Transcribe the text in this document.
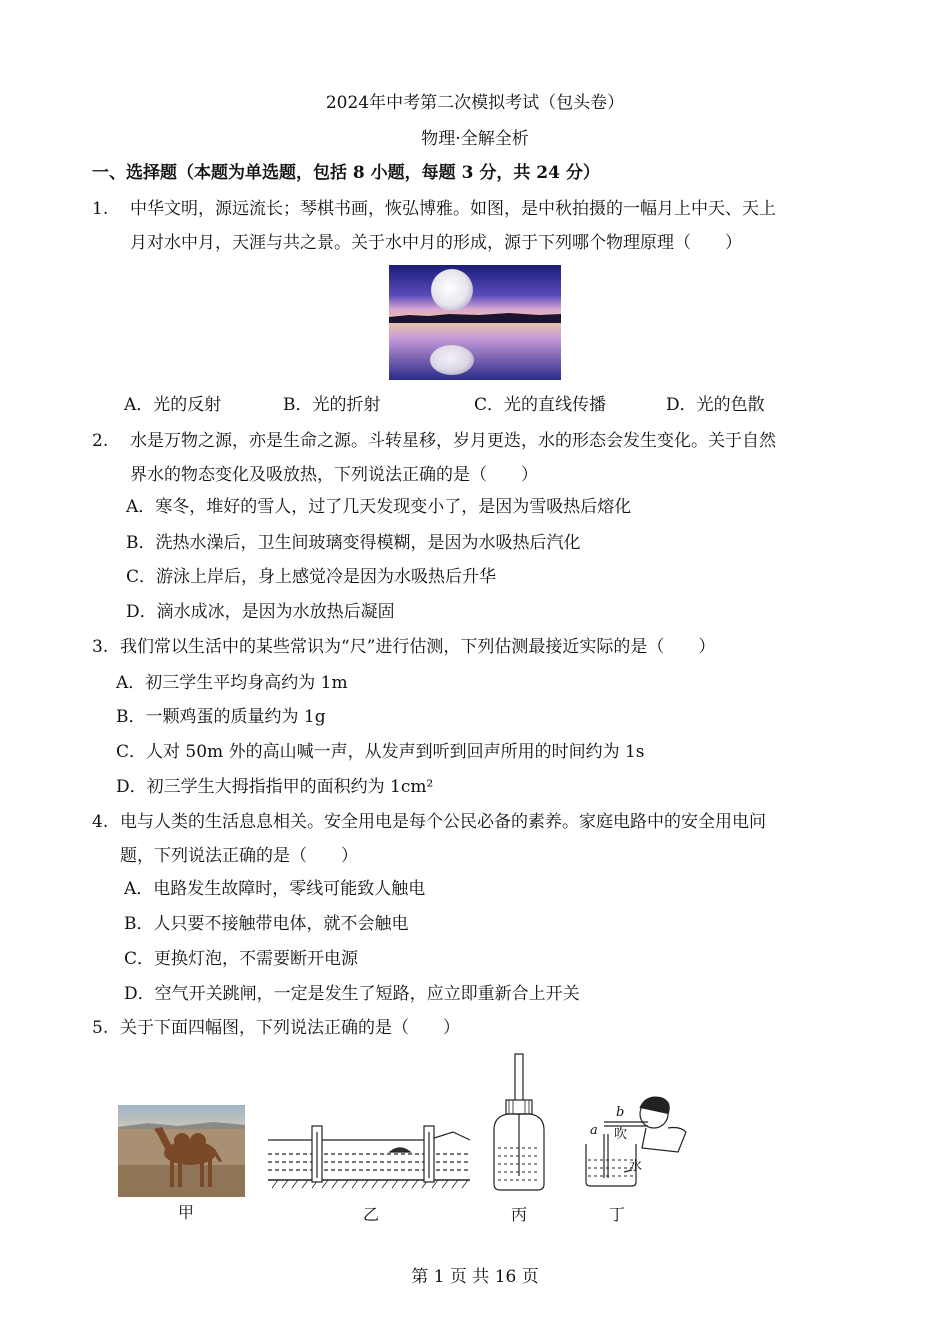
2024年中考第二次模拟考试（包头卷）
物理·全解全析
一、选择题（本题为单选题，包括 8 小题，每题 3 分，共 24 分）
1. 中华文明，源远流长；琴棋书画，恢弘博雅。如图，是中秋拍摄的一幅月上中天、天上
月对水中月，天涯与共之景。关于水中月的形成，源于下列哪个物理原理（　　）
A．光的反射	B．光的折射	C．光的直线传播	D．光的色散
2. 水是万物之源，亦是生命之源。斗转星移，岁月更迭，水的形态会发生变化。关于自然
界水的物态变化及吸放热，下列说法正确的是（　　）
A．寒冬，堆好的雪人，过了几天发现变小了，是因为雪吸热后熔化
B．洗热水澡后，卫生间玻璃变得模糊，是因为水吸热后汽化
C．游泳上岸后，身上感觉冷是因为水吸热后升华
D．滴水成冰，是因为水放热后凝固
3. 我们常以生活中的某些常识为“尺”进行估测，下列估测最接近实际的是（　　）
A．初三学生平均身高约为 1m
B．一颗鸡蛋的质量约为 1g
C．人对 50m 外的高山喊一声，从发声到听到回声所用的时间约为 1s
D．初三学生大拇指指甲的面积约为 1cm²
4. 电与人类的生活息息相关。安全用电是每个公民必备的素养。家庭电路中的安全用电问
题，下列说法正确的是（　　）
A．电路发生故障时，零线可能致人触电
B．人只要不接触带电体，就不会触电
C．更换灯泡，不需要断开电源
D．空气开关跳闸，一定是发生了短路，应立即重新合上开关
5. 关于下面四幅图，下列说法正确的是（　　）
甲	乙	丙
a
b
吹
水
丁
第 1 页 共 16 页
